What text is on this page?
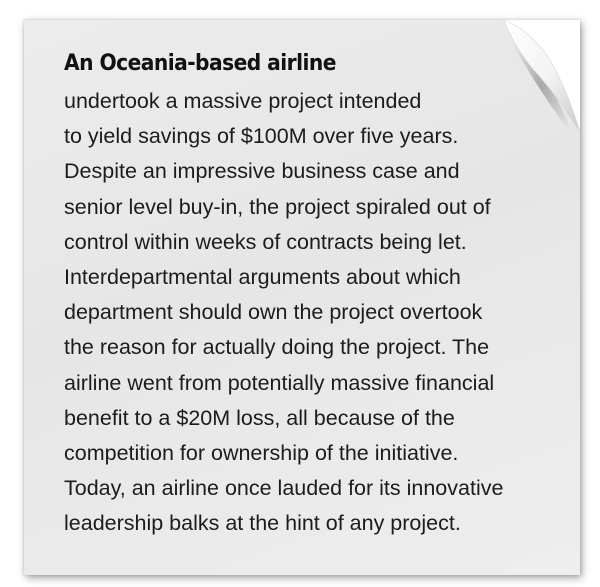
An Oceania-based airline
undertook a massive project intended
to yield savings of $100M over five years.
Despite an impressive business case and
senior level buy-in, the project spiraled out of
control within weeks of contracts being let.
Interdepartmental arguments about which
department should own the project overtook
the reason for actually doing the project. The
airline went from potentially massive financial
benefit to a $20M loss, all because of the
competition for ownership of the initiative.
Today, an airline once lauded for its innovative
leadership balks at the hint of any project.
